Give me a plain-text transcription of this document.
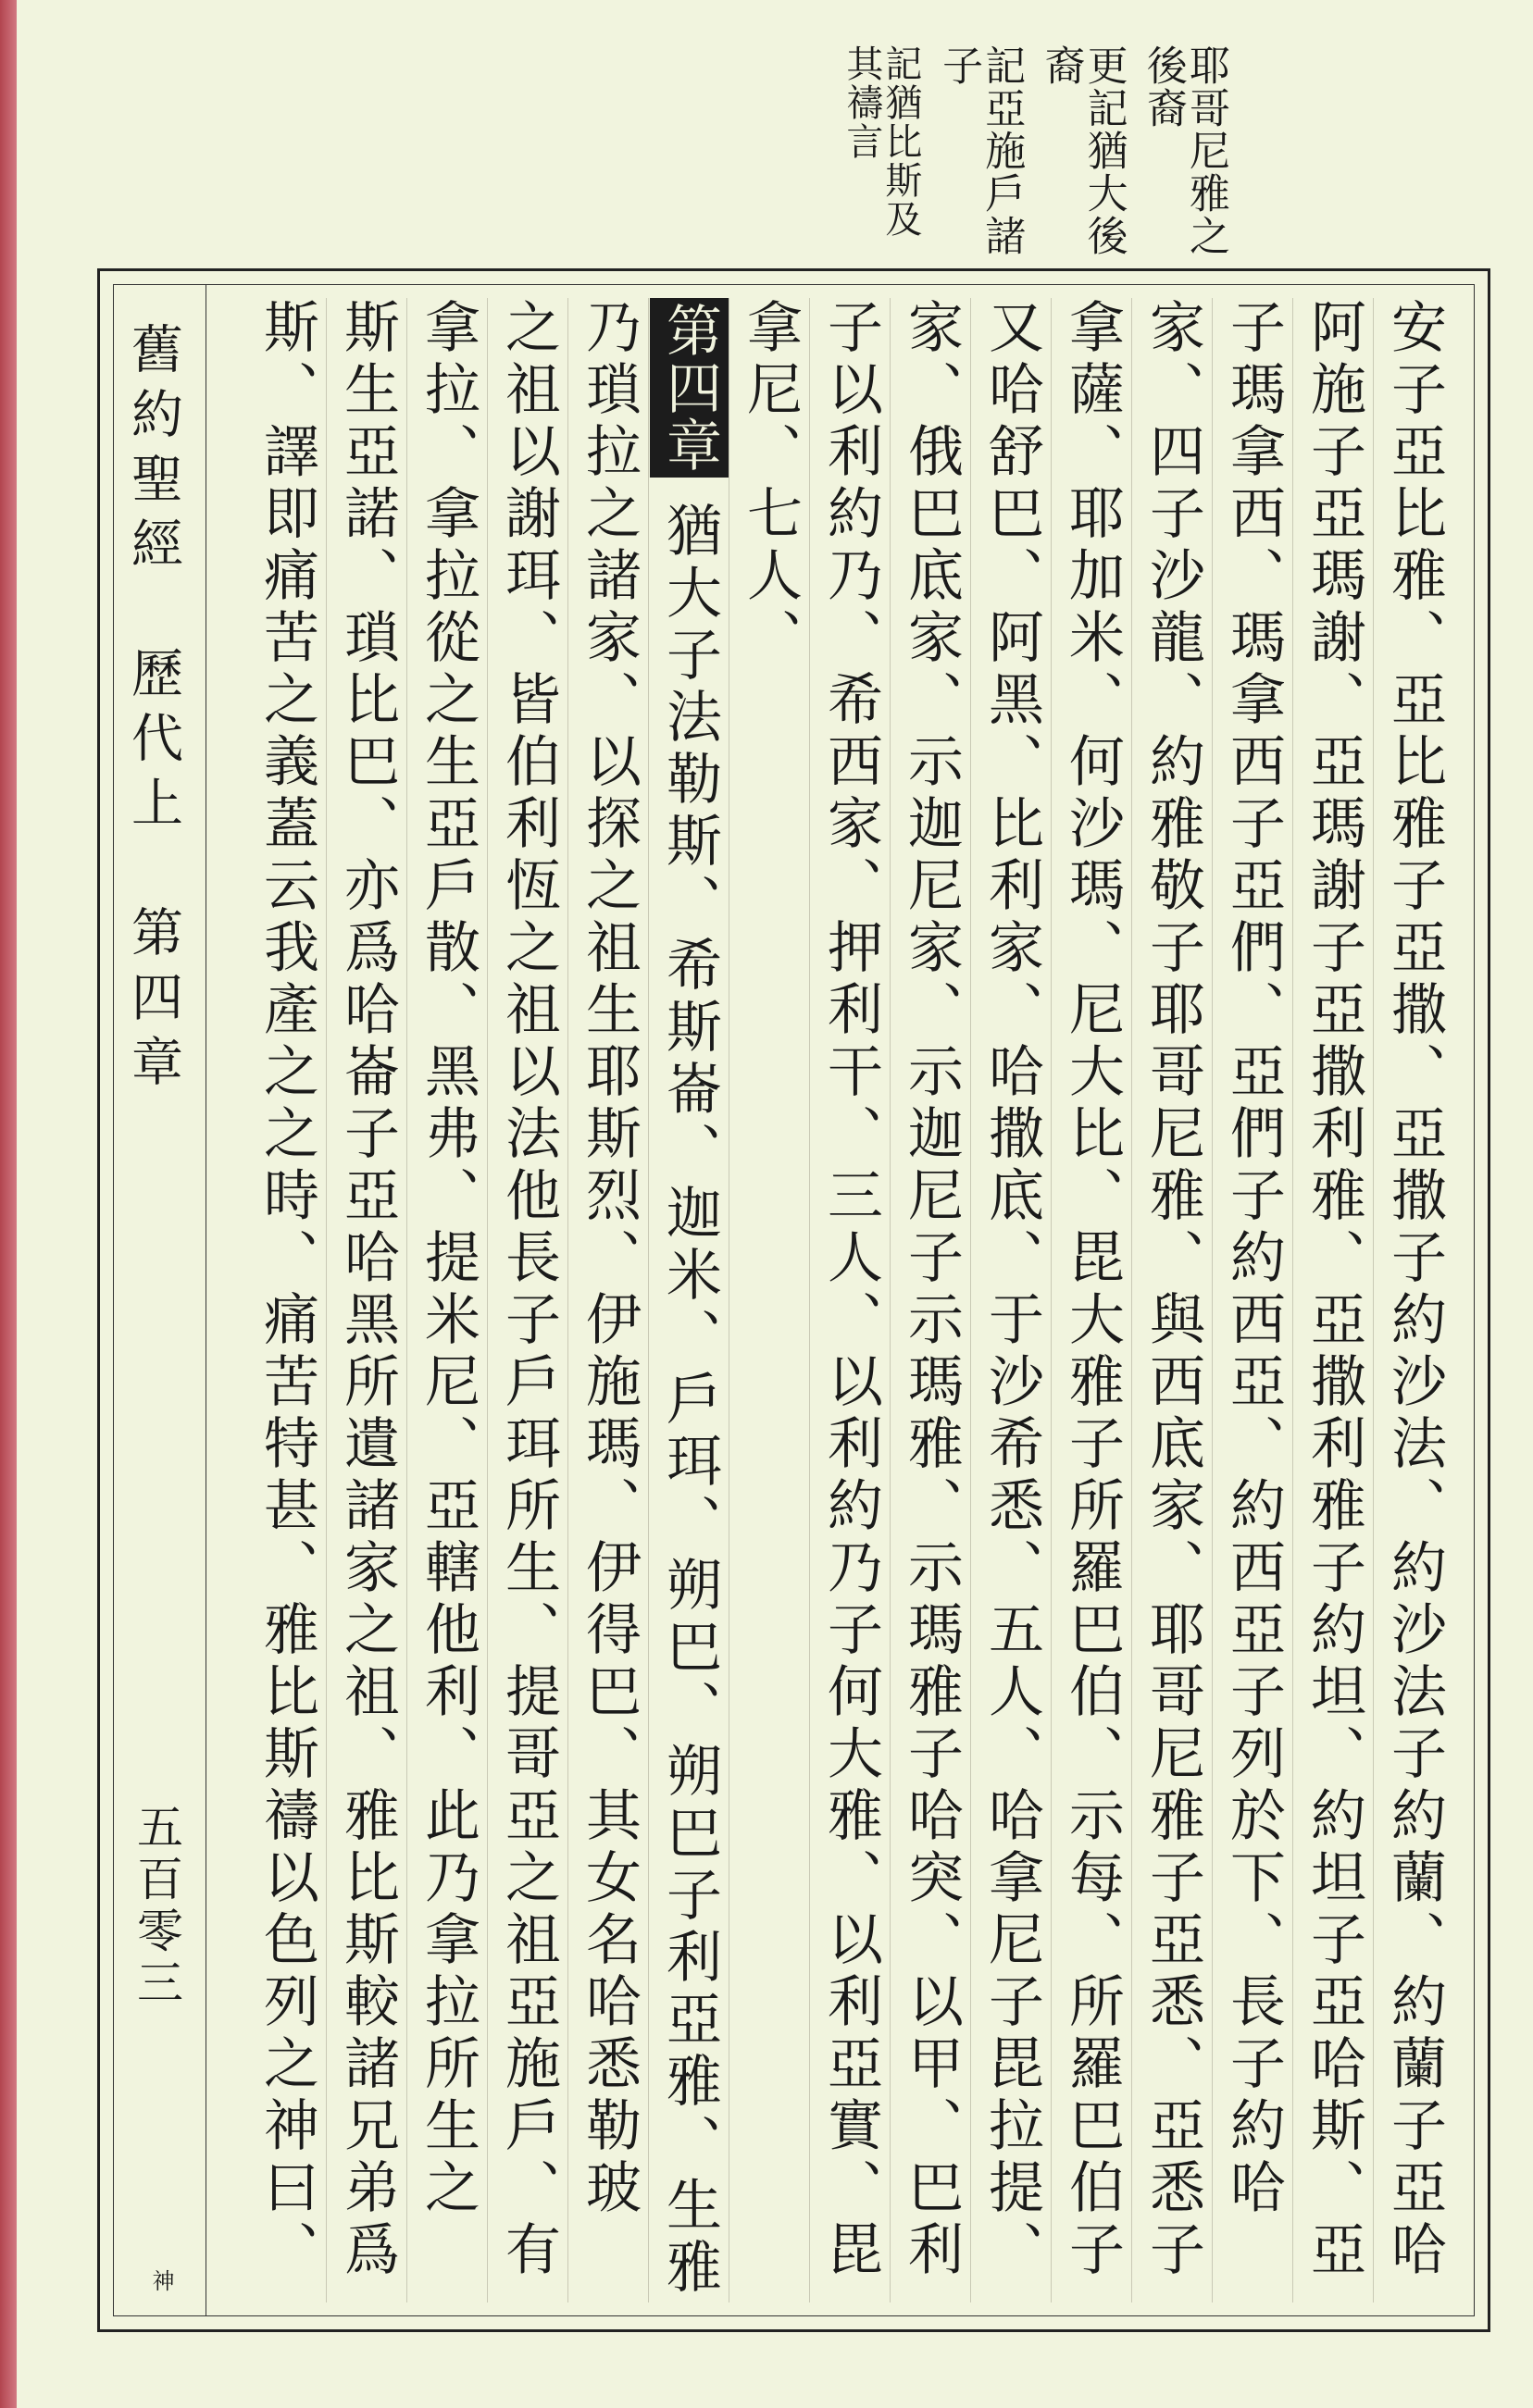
耶哥尼雅之後裔
更記猶大後裔
記亞施戶諸子
記猶比斯及其禱言
舊約聖經　歷代上　第四章
五百零三
神
安子亞比雅、亞比雅子亞撒、亞撒子約沙法、約沙法子約蘭、約蘭子亞哈
阿施子亞瑪謝、亞瑪謝子亞撒利雅、亞撒利雅子約坦、約坦子亞哈斯、亞
子瑪拿西、瑪拿西子亞們、亞們子約西亞、約西亞子列於下、長子約哈
家、四子沙龍、約雅敬子耶哥尼雅、與西底家、耶哥尼雅子亞悉、亞悉子
拿薩、耶加米、何沙瑪、尼大比、毘大雅子所羅巴伯、示每、所羅巴伯子
又哈舒巴、阿黑、比利家、哈撒底、于沙希悉、五人、哈拿尼子毘拉提、
家、俄巴底家、示迦尼家、示迦尼子示瑪雅、示瑪雅子哈突、以甲、巴利
子以利約乃、希西家、押利干、三人、以利約乃子何大雅、以利亞實、毘
拿尼、七人、
第四章 猶大子法勒斯、希斯崙、迦米、戶珥、朔巴、朔巴子利亞雅、生雅
乃瑣拉之諸家、以探之祖生耶斯烈、伊施瑪、伊得巴、其女名哈悉勒玻
之祖以謝珥、皆伯利恆之祖以法他長子戶珥所生、提哥亞之祖亞施戶、有
拿拉、拿拉從之生亞戶散、黑弗、提米尼、亞轄他利、此乃拿拉所生之
斯生亞諾、瑣比巴、亦爲哈崙子亞哈黑所遺諸家之祖、雅比斯較諸兄弟爲
斯、譯即痛苦之義蓋云我產之之時、痛苦特甚、雅比斯禱以色列之神曰、
